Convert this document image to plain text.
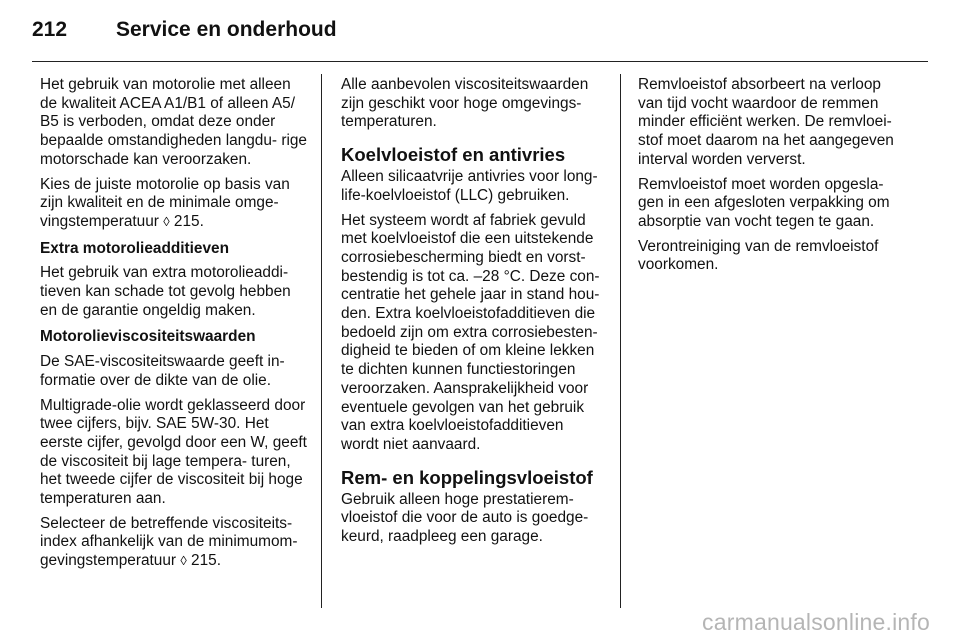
212	Service en onderhoud

Het gebruik van motorolie met alleen de kwaliteit ACEA A1/B1 of alleen A5/ B5 is verboden, omdat deze onder bepaalde omstandigheden langdu‐ rige motorschade kan veroorzaken.

Kies de juiste motorolie op basis van zijn kwaliteit en de minimale omge‐ vingstemperatuur ◊ 215.

Extra motorolieadditieven

Het gebruik van extra motorolieaddi‐ tieven kan schade tot gevolg hebben en de garantie ongeldig maken.

Motorolieviscositeitswaarden

De SAE-viscositeitswaarde geeft in‐ formatie over de dikte van de olie.

Multigrade-olie wordt geklasseerd door twee cijfers, bijv. SAE 5W-30. Het eerste cijfer, gevolgd door een W, geeft de viscositeit bij lage tempera‐ turen, het tweede cijfer de viscositeit bij hoge temperaturen aan.

Selecteer de betreffende viscositeits‐ index afhankelijk van de minimumom‐ gevingstemperatuur ◊ 215.

Alle aanbevolen viscositeitswaarden zijn geschikt voor hoge omgevings‐ temperaturen.

Koelvloeistof en antivries

Alleen silicaatvrije antivries voor long‐ life-koelvloeistof (LLC) gebruiken.

Het systeem wordt af fabriek gevuld met koelvloeistof die een uitstekende corrosiebescherming biedt en vorst‐ bestendig is tot ca. –28 °C. Deze con‐ centratie het gehele jaar in stand hou‐ den. Extra koelvloeistofadditieven die bedoeld zijn om extra corrosiebesten‐ digheid te bieden of om kleine lekken te dichten kunnen functiestoringen veroorzaken. Aansprakelijkheid voor eventuele gevolgen van het gebruik van extra koelvloeistofadditieven wordt niet aanvaard.

Rem- en koppelingsvloeistof

Gebruik alleen hoge prestatierem‐ vloeistof die voor de auto is goedge‐ keurd, raadpleeg een garage.

Remvloeistof absorbeert na verloop van tijd vocht waardoor de remmen minder efficiënt werken. De remvloei‐ stof moet daarom na het aangegeven interval worden ververst.

Remvloeistof moet worden opgesla‐ gen in een afgesloten verpakking om absorptie van vocht tegen te gaan.

Verontreiniging van de remvloeistof voorkomen.

carmanualsonline.info
